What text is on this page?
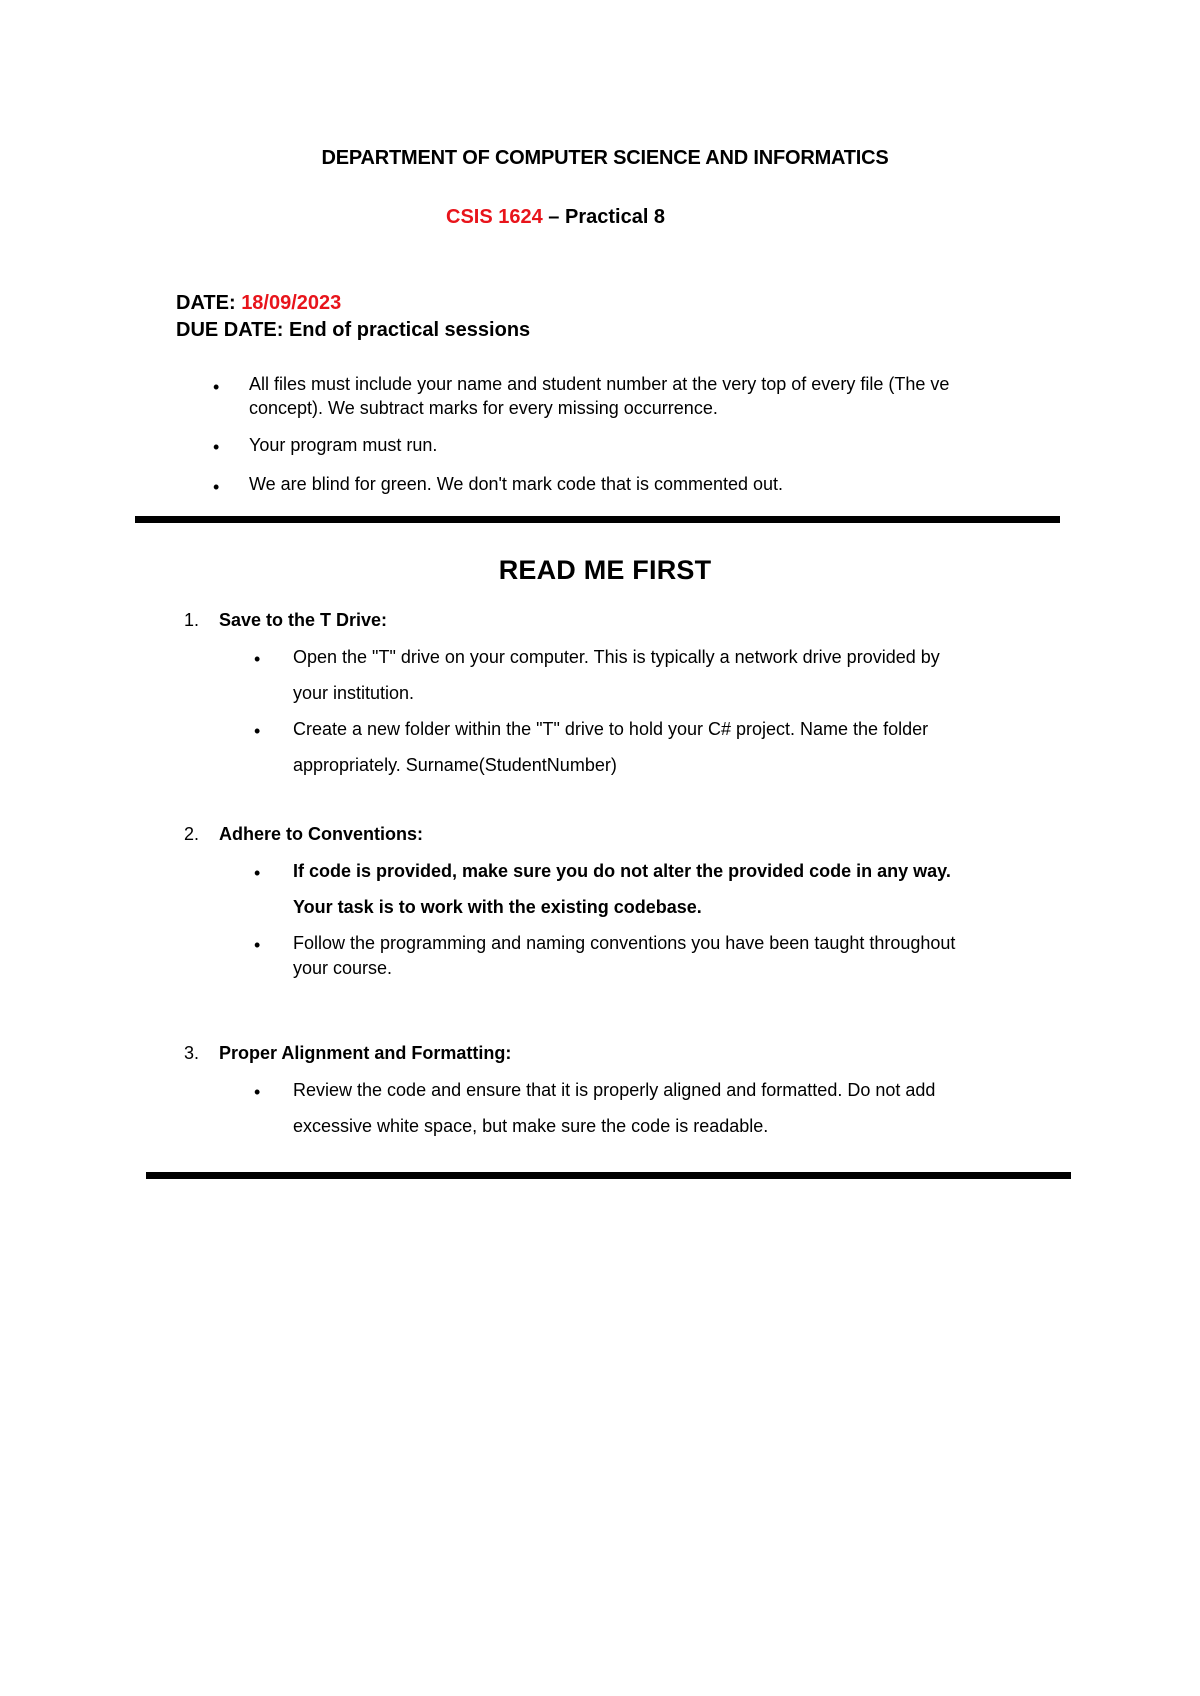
DEPARTMENT OF COMPUTER SCIENCE AND INFORMATICS
CSIS 1624 – Practical 8
DATE: 18/09/2023
DUE DATE: End of practical sessions
• All files must include your name and student number at the very top of every file (The ve
concept). We subtract marks for every missing occurrence.
• Your program must run.
• We are blind for green. We don't mark code that is commented out.
READ ME FIRST
1. Save to the T Drive:
• Open the "T" drive on your computer. This is typically a network drive provided by
your institution.
• Create a new folder within the "T" drive to hold your C# project. Name the folder
appropriately. Surname(StudentNumber)
2. Adhere to Conventions:
• If code is provided, make sure you do not alter the provided code in any way.
Your task is to work with the existing codebase.
• Follow the programming and naming conventions you have been taught throughout
your course.
3. Proper Alignment and Formatting:
• Review the code and ensure that it is properly aligned and formatted. Do not add
excessive white space, but make sure the code is readable.
